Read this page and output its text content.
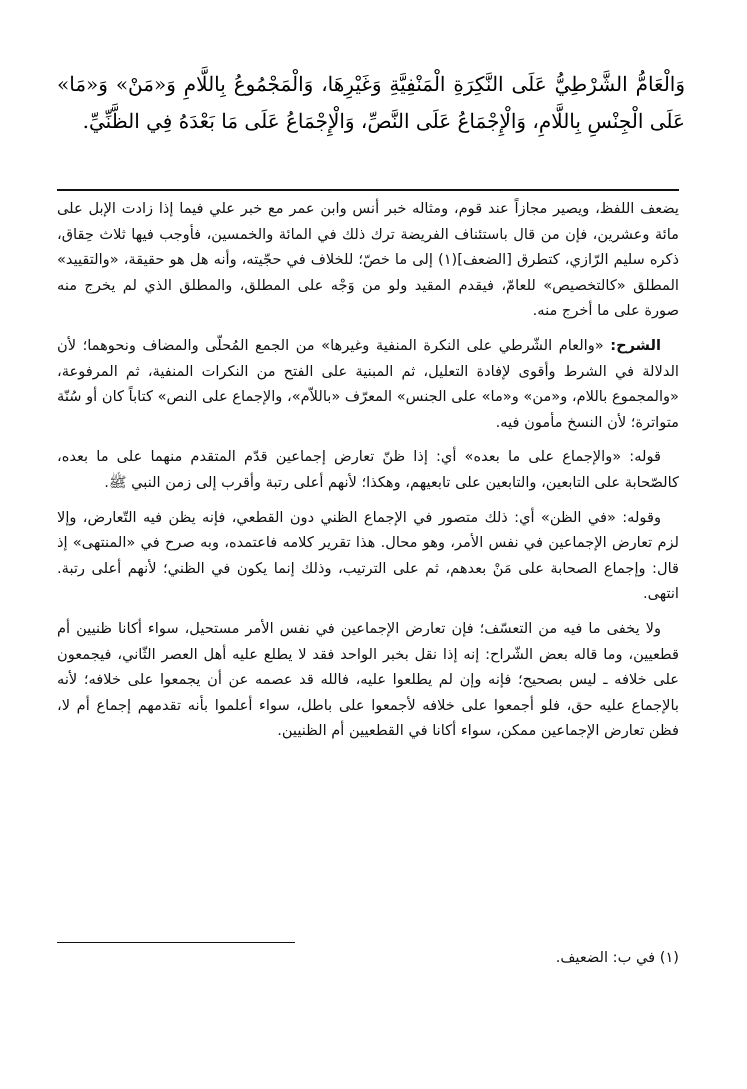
وَالْعَامُّ الشَّرْطِيُّ عَلَى النَّكِرَةِ الْمَنْفِيَّةِ وَغَيْرِهَا، وَالْمَجْمُوعُ بِاللَّامِ وَ«مَنْ» وَ«مَا» عَلَى الْجِنْسِ بِاللَّامِ، وَالْإِجْمَاعُ عَلَى النَّصِّ، وَالْإِجْمَاعُ عَلَى مَا بَعْدَهُ فِي الظَّنِّيِّ.

يضعف اللفظ، ويصير مجازاً عند قوم، ومثاله خبر أنس وابن عمر مع خبر علي فيما إذا زادت الإبل على مائة وعشرين، فإن من قال باستئناف الفريضة ترك ذلك في المائة والخمسين، فأوجب فيها ثلاث حِقاق، ذكره سليم الرّازي، كتطرق [الضعف](١) إلى ما خصّ؛ للخلاف في حجّيته، وأنه هل هو حقيقة، «والتقييد» المطلق «كالتخصيص» للعامّ، فيقدم المقيد ولو من وَجْه على المطلق، والمطلق الذي لم يخرج منه صورة على ما أخرج منه.

الشرح: «والعام الشّرطي على النكرة المنفية وغيرها» من الجمع المُحلّى والمضاف ونحوهما؛ لأن الدلالة في الشرط وأقوى لإفادة التعليل، ثم المبنية على الفتح من النكرات المنفية، ثم المرفوعة، «والمجموع باللام، و«من» و«ما» على الجنس» المعرّف «باللاّم»، والإجماع على النص» كتاباً كان أو سُنّة متواترة؛ لأن النسخ مأمون فيه.

قوله: «والإجماع على ما بعده» أي: إذا ظنّ تعارض إجماعين قدّم المتقدم منهما على ما بعده، كالصّحابة على التابعين، والتابعين على تابعيهم، وهكذا؛ لأنهم أعلى رتبة وأقرب إلى زمن النبي ﷺ.

وقوله: «في الظن» أي: ذلك متصور في الإجماع الظني دون القطعي، فإنه يظن فيه التّعارض، وإلا لزم تعارض الإجماعين في نفس الأمر، وهو محال. هذا تقرير كلامه فاعتمده، وبه صرح في «المنتهى» إذ قال: وإجماع الصحابة على مَنْ بعدهم، ثم على الترتيب، وذلك إنما يكون في الظني؛ لأنهم أعلى رتبة. انتهى.

ولا يخفى ما فيه من التعسّف؛ فإن تعارض الإجماعين في نفس الأمر مستحيل، سواء أكانا ظنيين أم قطعيين، وما قاله بعض الشّراح: إنه إذا نقل بخبر الواحد فقد لا يطلع عليه أهل العصر الثّاني، فيجمعون على خلافه ـ ليس بصحيح؛ فإنه وإن لم يطلعوا عليه، فالله قد عصمه عن أن يجمعوا على خلافه؛ لأنه بالإجماع عليه حق، فلو أجمعوا على خلافه لأجمعوا على باطل، سواء أعلموا بأنه تقدمهم إجماع أم لا، فظن تعارض الإجماعين ممكن، سواء أكانا في القطعيين أم الظنيين.

(١) في ب: الضعيف.
